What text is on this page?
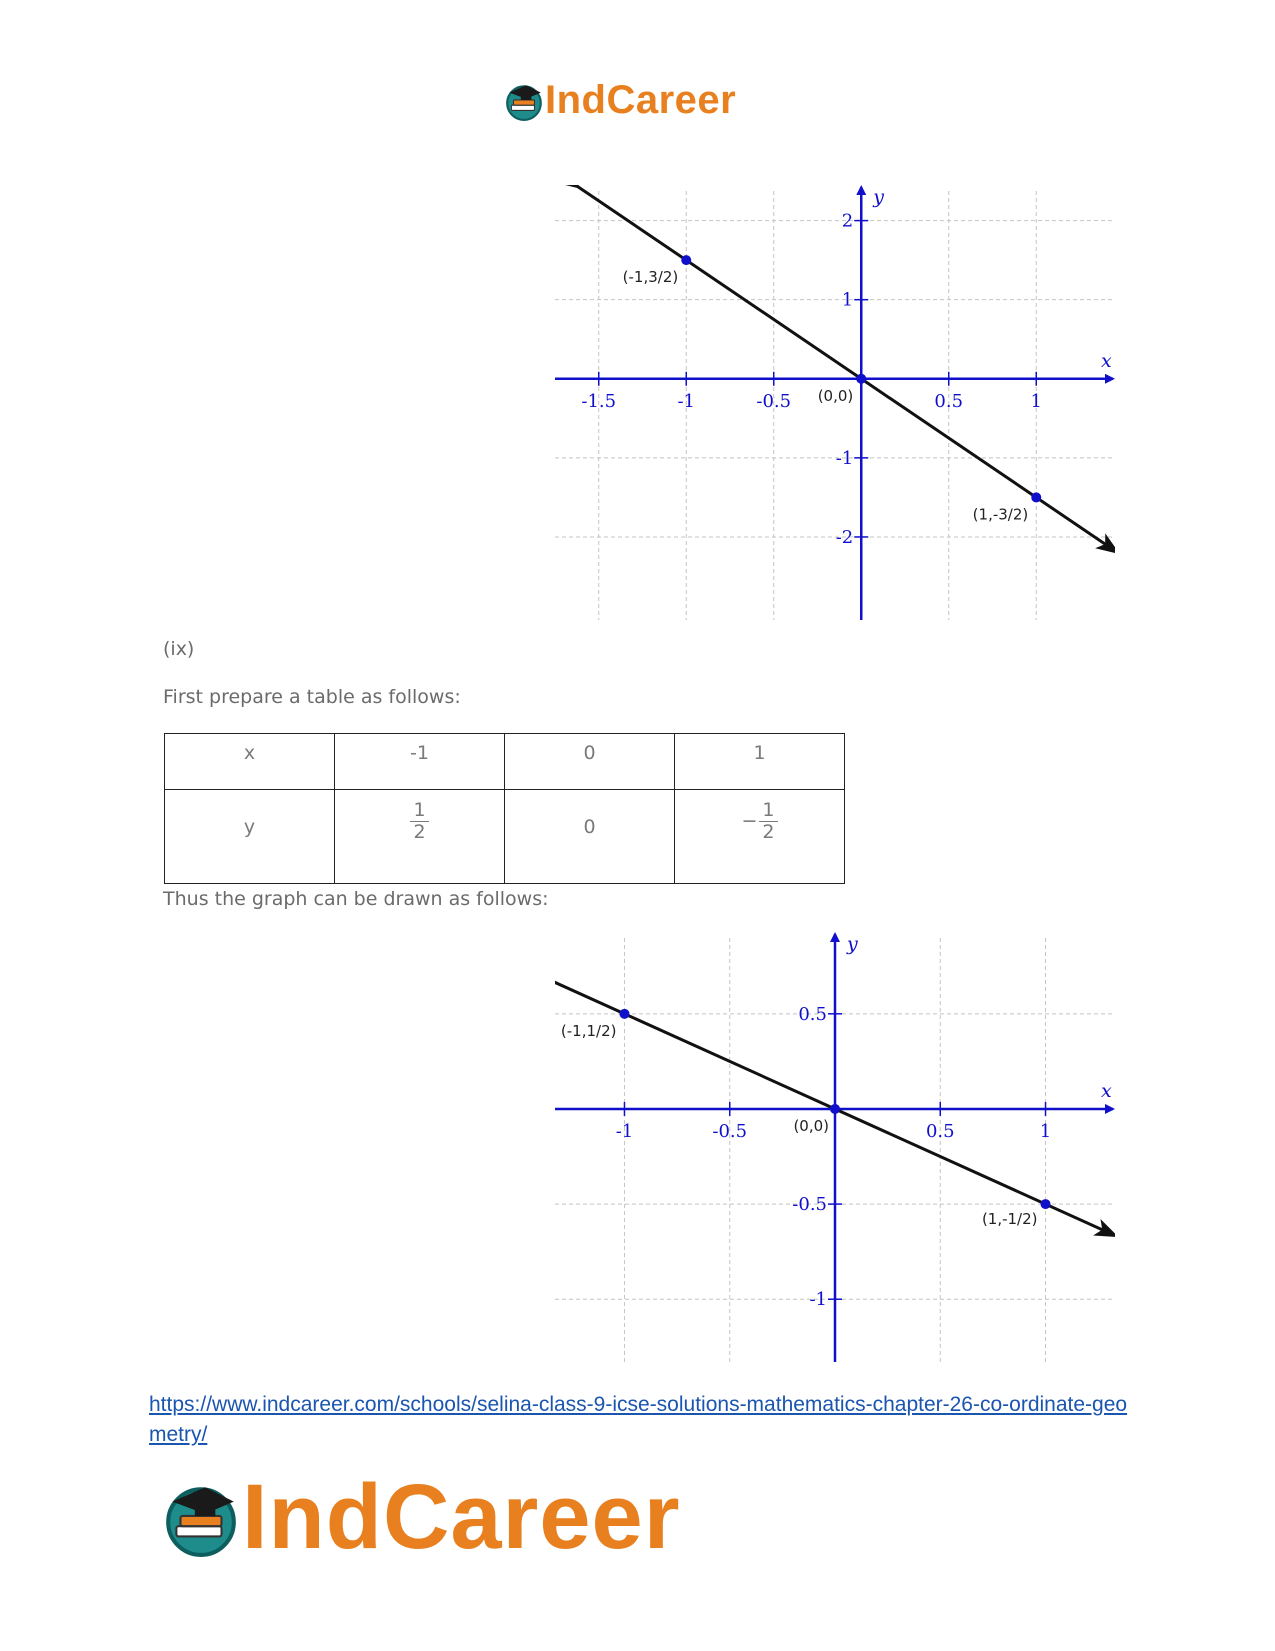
IndCareer
x
y
-1.5	-1	-0.5	0.5	1
2
1
-1
-2
(-1,3/2)
(0,0)
(1,-3/2)
(ix)
First prepare a table as follows:
x	-1	0	1

y	$\frac{1}{2}$	0	− $\frac{1}{2}$
Thus the graph can be drawn as follows:
x
y
-1	-0.5	0.5	1
0.5
-0.5
-1
(-1,1/2)
(0,0)
(1,-1/2)
https://www.indcareer.com/schools/selina-class-9-icse-solutions-mathematics-chapter-26-co-ordinate-geometry/
IndCareer
